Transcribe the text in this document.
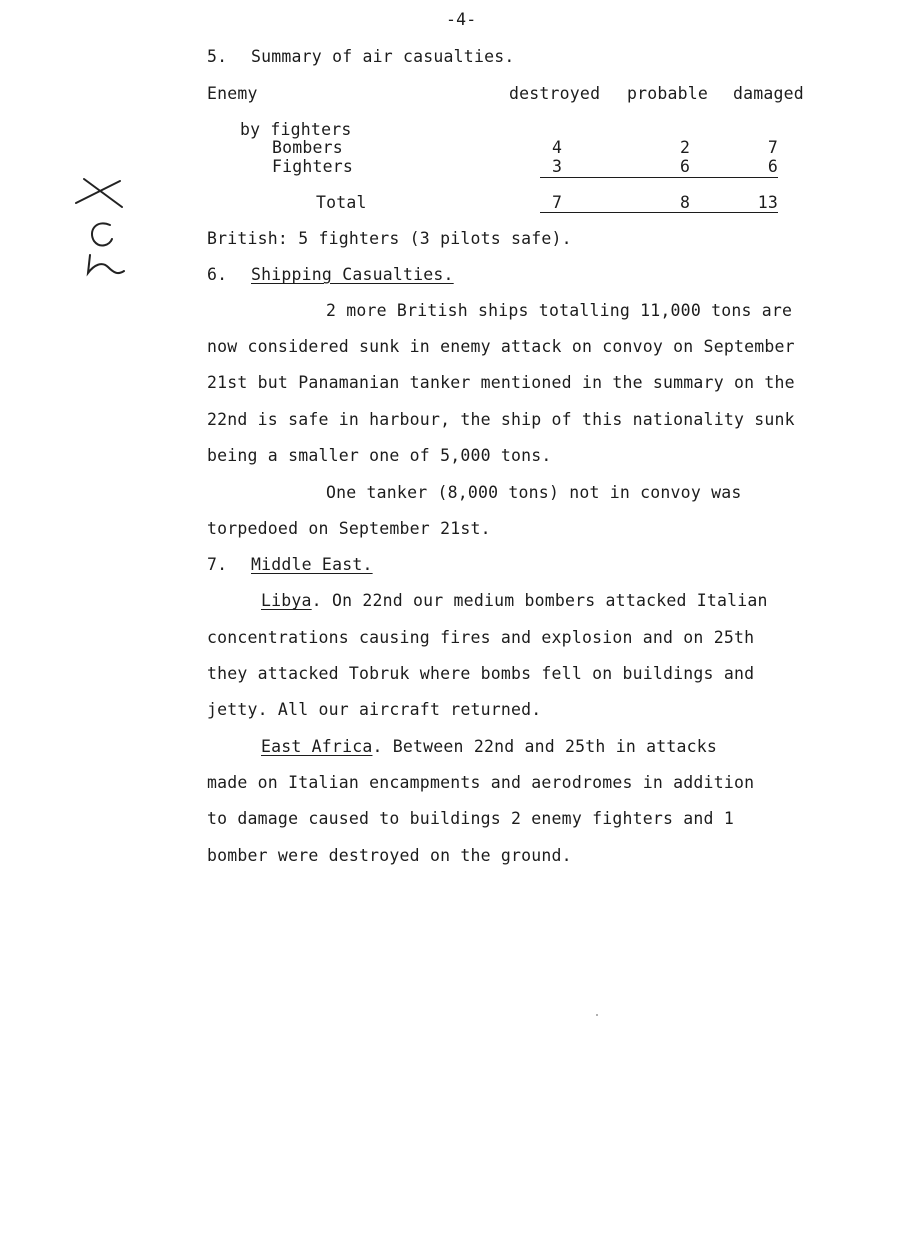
-4-
5. Summary of air casualties.
Enemy	destroyed probable damaged
by fighters
Bombers	4	2	7
Fighters	3	6	6
Total	7	8	13
British: 5 fighters (3 pilots safe).
6. Shipping Casualties.
2 more British ships totalling 11,000 tons are
now considered sunk in enemy attack on convoy on September
21st but Panamanian tanker mentioned in the summary on the
22nd is safe in harbour, the ship of this nationality sunk
being a smaller one of 5,000 tons.
One tanker (8,000 tons) not in convoy was
torpedoed on September 21st.
7. Middle East.
Libya. On 22nd our medium bombers attacked Italian
concentrations causing fires and explosion and on 25th
they attacked Tobruk where bombs fell on buildings and
jetty. All our aircraft returned.
East Africa. Between 22nd and 25th in attacks
made on Italian encampments and aerodromes in addition
to damage caused to buildings 2 enemy fighters and 1
bomber were destroyed on the ground.
